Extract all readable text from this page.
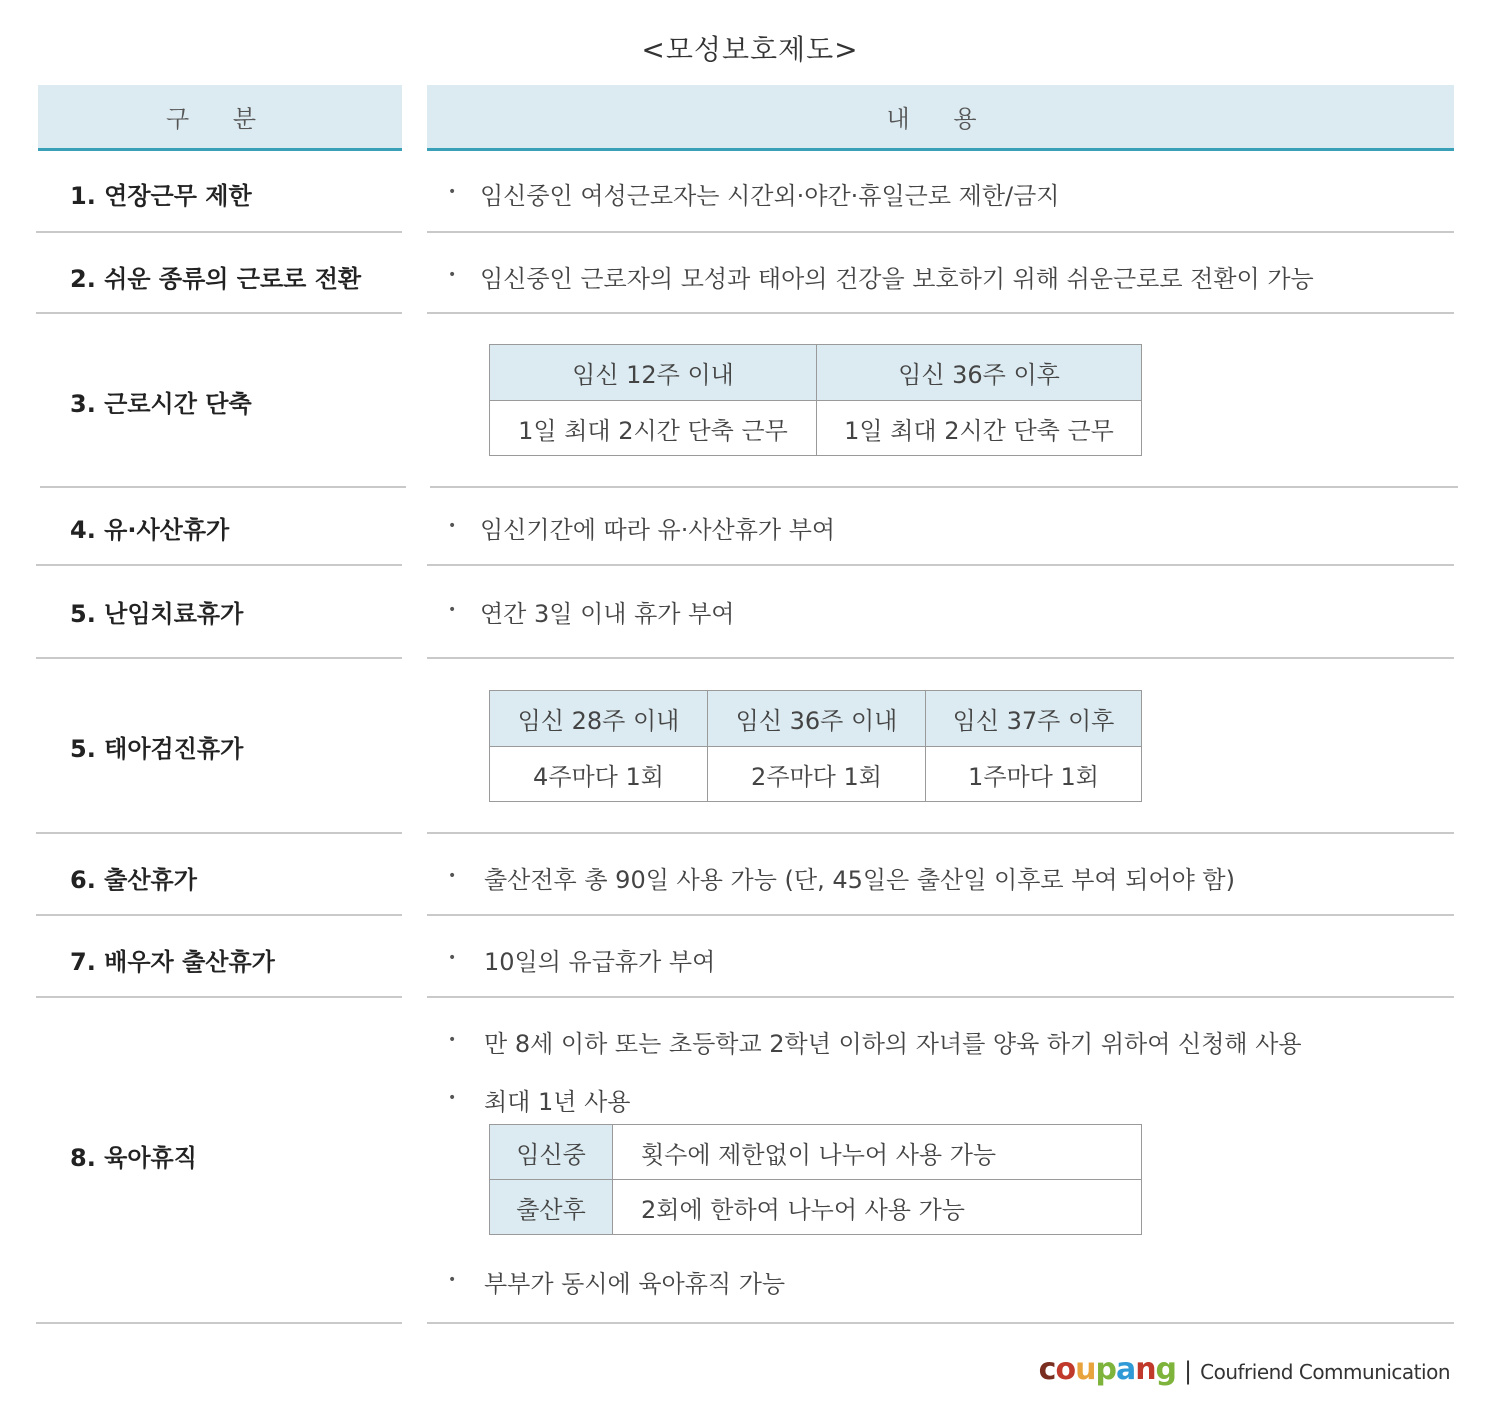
<모성보호제도>
구 분	내 용
1. 연장근무 제한	• 임신중인 여성근로자는 시간외·야간·휴일근로 제한/금지
2. 쉬운 종류의 근로로 전환	• 임신중인 근로자의 모성과 태아의 건강을 보호하기 위해 쉬운근로로 전환이 가능
3. 근로시간 단축
임신 12주 이내	임신 36주 이후
1일 최대 2시간 단축 근무	1일 최대 2시간 단축 근무
4. 유·사산휴가	• 임신기간에 따라 유·사산휴가 부여
5. 난임치료휴가	• 연간 3일 이내 휴가 부여
5. 태아검진휴가
임신 28주 이내	임신 36주 이내	임신 37주 이후
4주마다 1회	2주마다 1회	1주마다 1회
6. 출산휴가	• 출산전후 총 90일 사용 가능 (단, 45일은 출산일 이후로 부여 되어야 함)
7. 배우자 출산휴가	• 10일의 유급휴가 부여
8. 육아휴직
• 만 8세 이하 또는 초등학교 2학년 이하의 자녀를 양육 하기 위하여 신청해 사용
• 최대 1년 사용
임신중	횟수에 제한없이 나누어 사용 가능
출산후	2회에 한하여 나누어 사용 가능
• 부부가 동시에 육아휴직 가능
coupang | Coufriend Communication
